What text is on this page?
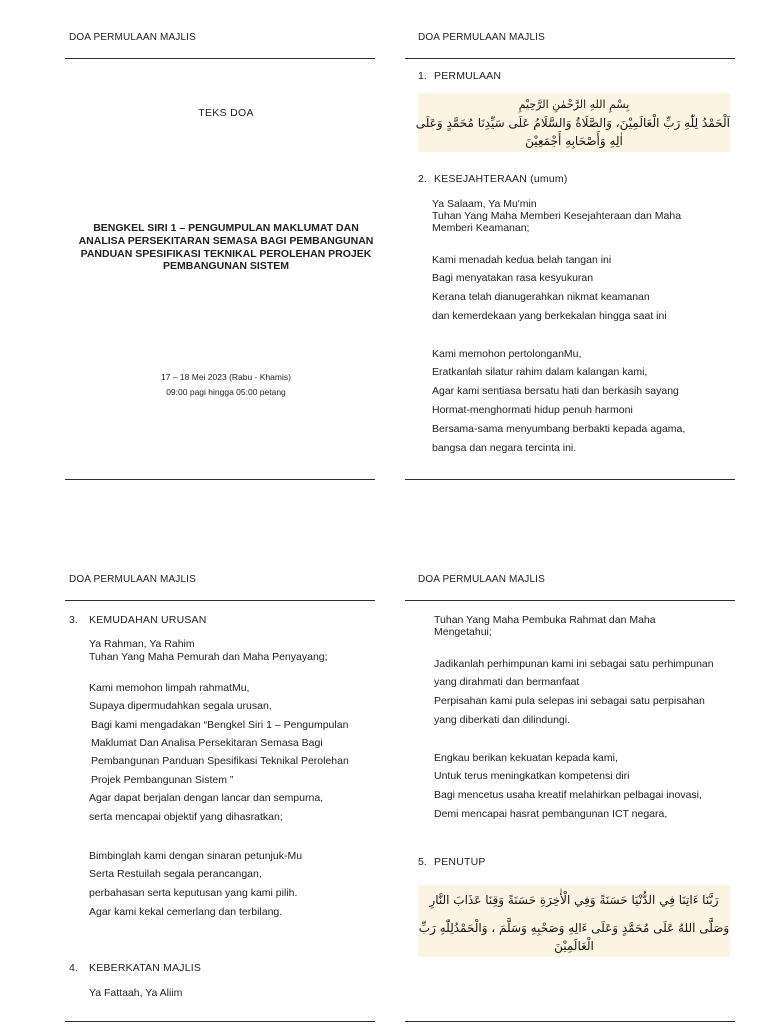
DOA PERMULAAN MAJLIS
TEKS DOA
BENGKEL SIRI 1 – PENGUMPULAN MAKLUMAT DAN
ANALISA PERSEKITARAN SEMASA BAGI PEMBANGUNAN
PANDUAN SPESIFIKASI TEKNIKAL PEROLEHAN PROJEK
PEMBANGUNAN SISTEM
17 – 18 Mei 2023 (Rabu - Khamis)
09:00 pagi hingga 05:00 petang
DOA PERMULAAN MAJLIS
1. PERMULAAN
بِسْمِ اللهِ الرَّحْمٰنِ الرَّحِيْمِ
اَلْحَمْدُ لِلّٰهِ رَبِّ الْعَالَمِيْنَ، وَالصَّلَاةُ وَالسَّلَامُ عَلَى سَيِّدِنَا مُحَمَّدٍ وَعَلَى
اٰلِهِ وَأَصْحَابِهِ أَجْمَعِيْنَ
2. KESEJAHTERAAN (umum)
Ya Salaam, Ya Mu'min
Tuhan Yang Maha Memberi Kesejahteraan dan Maha
Memberi Keamanan;
Kami menadah kedua belah tangan ini
Bagi menyatakan rasa kesyukuran
Kerana telah dianugerahkan nikmat keamanan
dan kemerdekaan yang berkekalan hingga saat ini
Kami memohon pertolonganMu,
Eratkanlah silatur rahim dalam kalangan kami,
Agar kami sentiasa bersatu hati dan berkasih sayang
Hormat-menghormati hidup penuh harmoni
Bersama-sama menyumbang berbakti kepada agama,
bangsa dan negara tercinta ini.
DOA PERMULAAN MAJLIS
3. KEMUDAHAN URUSAN
Ya Rahman, Ya Rahim
Tuhan Yang Maha Pemurah dan Maha Penyayang;
Kami memohon limpah rahmatMu,
Supaya dipermudahkan segala urusan,
Bagi kami mengadakan “Bengkel Siri 1 – Pengumpulan
Maklumat Dan Analisa Persekitaran Semasa Bagi
Pembangunan Panduan Spesifikasi Teknikal Perolehan
Projek Pembangunan Sistem ”
Agar dapat berjalan dengan lancar dan sempurna,
serta mencapai objektif yang dihasratkan;
Bimbinglah kami dengan sinaran petunjuk-Mu
Serta Restuilah segala perancangan,
perbahasan serta keputusan yang kami pilih.
Agar kami kekal cemerlang dan terbilang.
4. KEBERKATAN MAJLIS
Ya Fattaah, Ya Aliim
DOA PERMULAAN MAJLIS
Tuhan Yang Maha Pembuka Rahmat dan Maha
Mengetahui;
Jadikanlah perhimpunan kami ini sebagai satu perhimpunan
yang dirahmati dan bermanfaat
Perpisahan kami pula selepas ini sebagai satu perpisahan
yang diberkati dan dilindungi.
Engkau berikan kekuatan kepada kami,
Untuk terus meningkatkan kompetensi diri
Bagi mencetus usaha kreatif melahirkan pelbagai inovasi,
Demi mencapai hasrat pembangunan ICT negara,
5. PENUTUP
رَبَّنَا ءَاتِنَا فِي الدُّنْيَا حَسَنَةً وَفِي الْأٰخِرَةِ حَسَنَةً وَقِنَا عَذَابَ النَّارِ
وَصَلَّى اللهُ عَلَى مُحَمَّدٍ وَعَلَى ءَالِهِ وَصَحْبِهِ وَسَلَّمَ ، وَالْحَمْدُلِلّٰهِ رَبِّ
الْعَالَمِيْنَ
